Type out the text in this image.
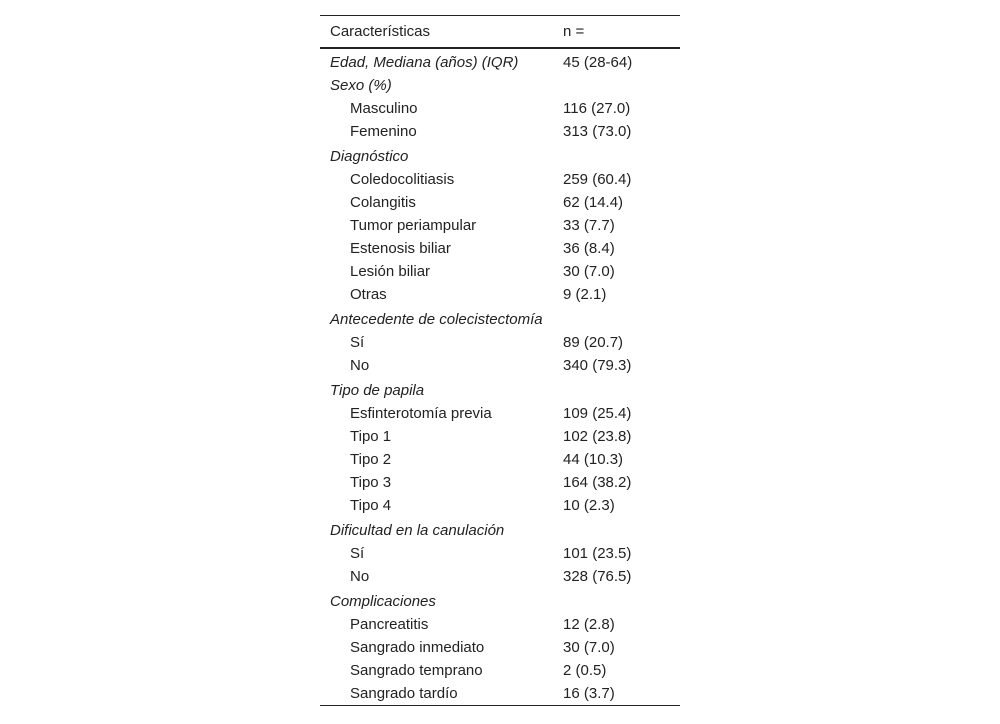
Características	n =
Edad, Mediana (años) (IQR)	45 (28-64)
Sexo (%)	
Masculino	116 (27.0)
Femenino	313 (73.0)
Diagnóstico	
Coledocolitiasis	259 (60.4)
Colangitis	62 (14.4)
Tumor periampular	33 (7.7)
Estenosis biliar	36 (8.4)
Lesión biliar	30 (7.0)
Otras	9 (2.1)
Antecedente de colecistectomía	
Sí	89 (20.7)
No	340 (79.3)
Tipo de papila	
Esfinterotomía previa	109 (25.4)
Tipo 1	102 (23.8)
Tipo 2	44 (10.3)
Tipo 3	164 (38.2)
Tipo 4	10 (2.3)
Dificultad en la canulación	
Sí	101 (23.5)
No	328 (76.5)
Complicaciones	
Pancreatitis	12 (2.8)
Sangrado inmediato	30 (7.0)
Sangrado temprano	2 (0.5)
Sangrado tardío	16 (3.7)
